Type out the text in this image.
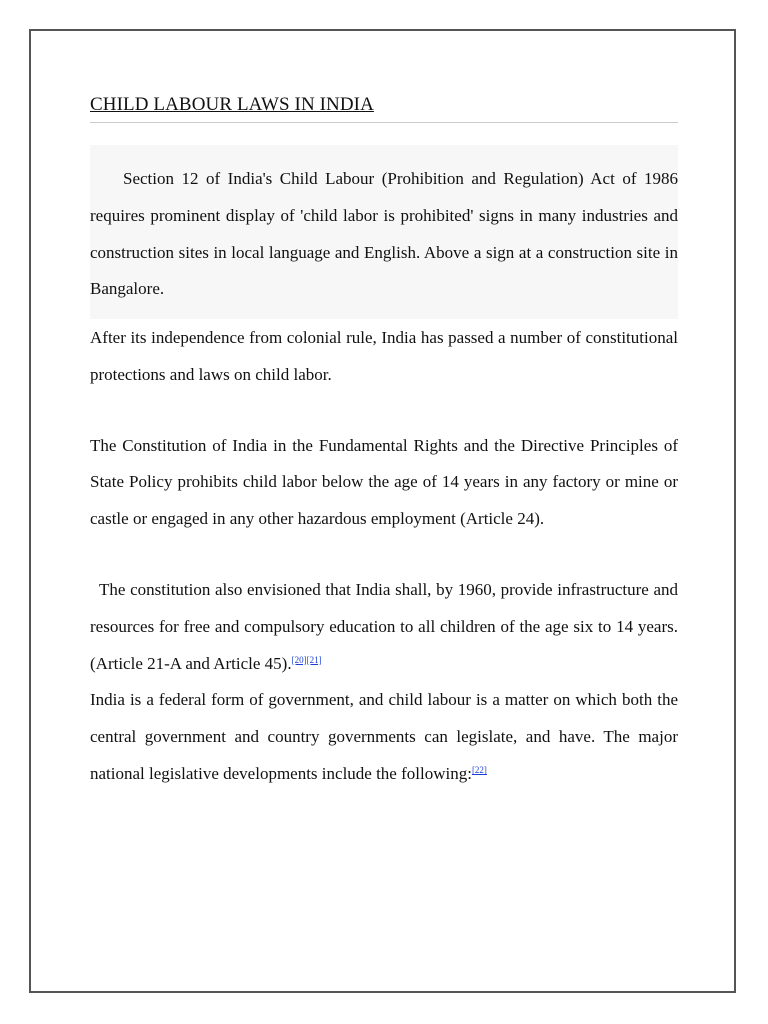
CHILD LABOUR LAWS IN INDIA

Section 12 of India's Child Labour (Prohibition and Regulation) Act of 1986 requires prominent display of 'child labor is prohibited' signs in many industries and construction sites in local language and English. Above a sign at a construction site in Bangalore.

After its independence from colonial rule, India has passed a number of constitutional protections and laws on child labor.

The Constitution of India in the Fundamental Rights and the Directive Principles of State Policy prohibits child labor below the age of 14 years in any factory or mine or castle or engaged in any other hazardous employment (Article 24).

The constitution also envisioned that India shall, by 1960, provide infrastructure and resources for free and compulsory education to all children of the age six to 14 years. (Article 21-A and Article 45).[20][21]

India is a federal form of government, and child labour is a matter on which both the central government and country governments can legislate, and have. The major national legislative developments include the following:[22]
